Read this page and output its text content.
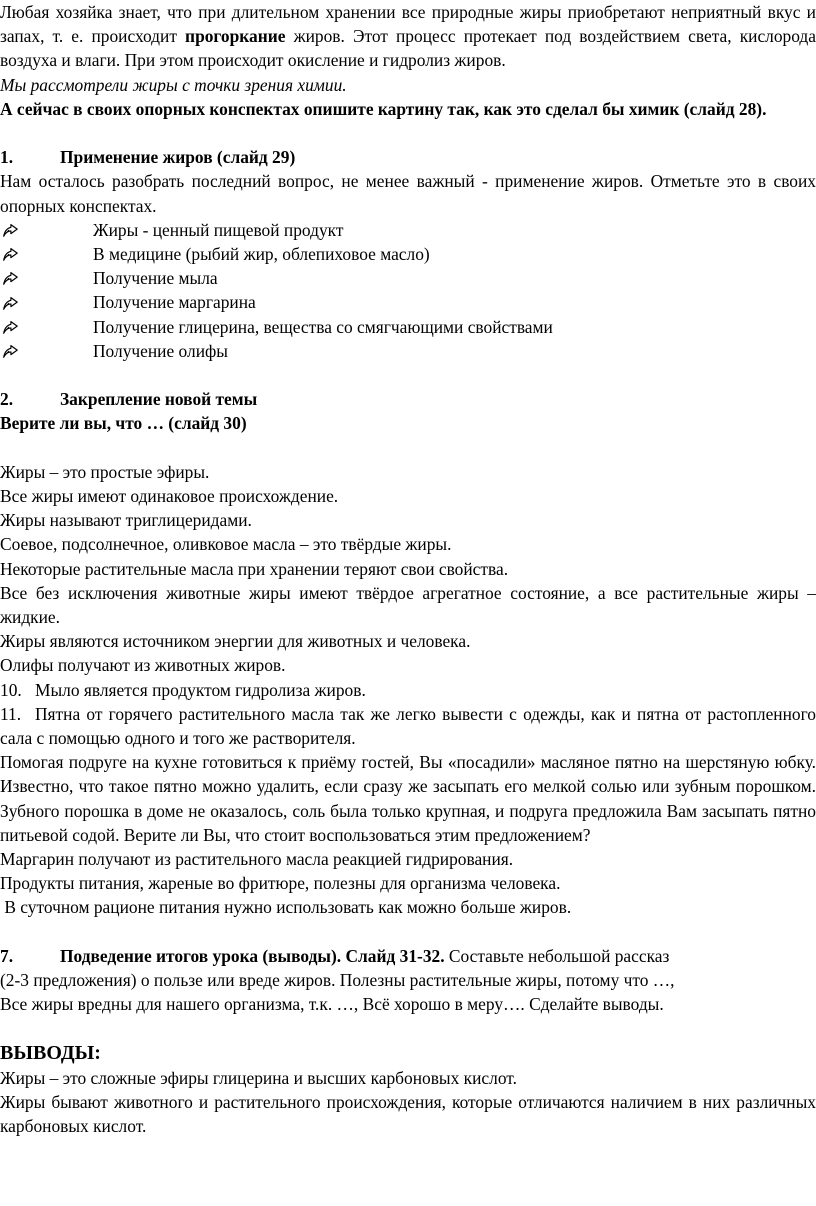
Любая хозяйка знает, что при длительном хранении все природные жиры приобретают неприятный вкус и запах, т. е. происходит прогоркание жиров. Этот процесс протекает под воздействием света, кислорода воздуха и влаги. При этом происходит окисление и гидролиз жиров.

Мы рассмотрели жиры с точки зрения химии.

А сейчас в своих опорных конспектах опишите картину так, как это сделал бы химик (слайд 28).

1.	Применение жиров (слайд 29)

Нам осталось разобрать последний вопрос, не менее важный - применение жиров. Отметьте это в своих опорных конспектах.

Жиры - ценный пищевой продукт
В медицине (рыбий жир, облепиховое масло)
Получение мыла
Получение маргарина
Получение глицерина, вещества со смягчающими свойствами
Получение олифы
2.	Закрепление новой темы

Верите ли вы, что … (слайд 30)

Жиры – это простые эфиры.

Все жиры имеют одинаковое происхождение.

Жиры называют триглицеридами.

Соевое, подсолнечное, оливковое масла – это твёрдые жиры.

Некоторые растительные масла при хранении теряют свои свойства.

Все без исключения животные жиры имеют твёрдое агрегатное состояние, а все растительные жиры – жидкие.

Жиры являются источником энергии для животных и человека.

Олифы получают из животных жиров.

10. Мыло является продуктом гидролиза жиров.

11. Пятна от горячего растительного масла так же легко вывести с одежды, как и пятна от растопленного сала с помощью одного и того же растворителя.

Помогая подруге на кухне готовиться к приёму гостей, Вы «посадили» масляное пятно на шерстяную юбку. Известно, что такое пятно можно удалить, если сразу же засыпать его мелкой солью или зубным порошком. Зубного порошка в доме не оказалось, соль была только крупная, и подруга предложила Вам засыпать пятно питьевой содой. Верите ли Вы, что стоит воспользоваться этим предложением?

Маргарин получают из растительного масла реакцией гидрирования.

Продукты питания, жареные во фритюре, полезны для организма человека.

В суточном рационе питания нужно использовать как можно больше жиров.

7.	Подведение итогов урока (выводы). Слайд 31-32. Составьте небольшой рассказ

(2-3 предложения) о пользе или вреде жиров. Полезны растительные жиры, потому что …,

Все жиры вредны для нашего организма, т.к. …, Всё хорошо в меру…. Сделайте выводы.

ВЫВОДЫ:

Жиры – это сложные эфиры глицерина и высших карбоновых кислот.

Жиры бывают животного и растительного происхождения, которые отличаются наличием в них различных карбоновых кислот.
